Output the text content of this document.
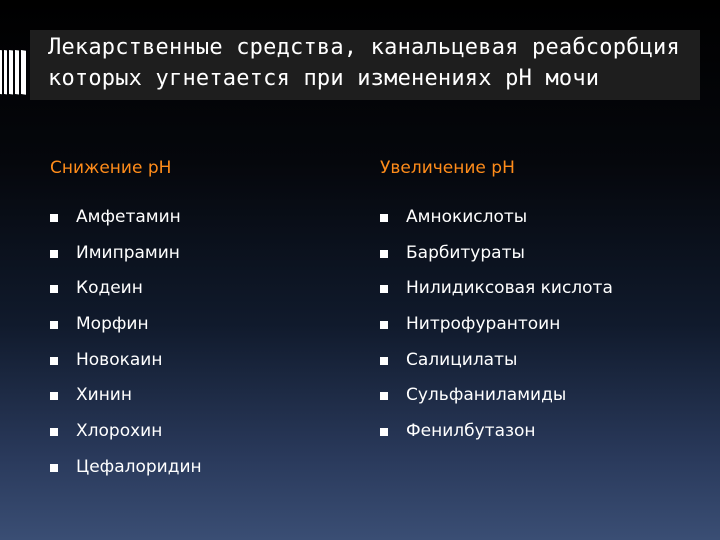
Лекарственные средства, канальцевая реабсорбция которых угнетается при изменениях рН мочи
Снижение рН
Амфетамин
Имипрамин
Кодеин
Морфин
Новокаин
Хинин
Хлорохин
Цефалоридин
Увеличение рН
Амнокислоты
Барбитураты
Нилидиксовая кислота
Нитрофурантоин
Салицилаты
Сульфаниламиды
Фенилбутазон
